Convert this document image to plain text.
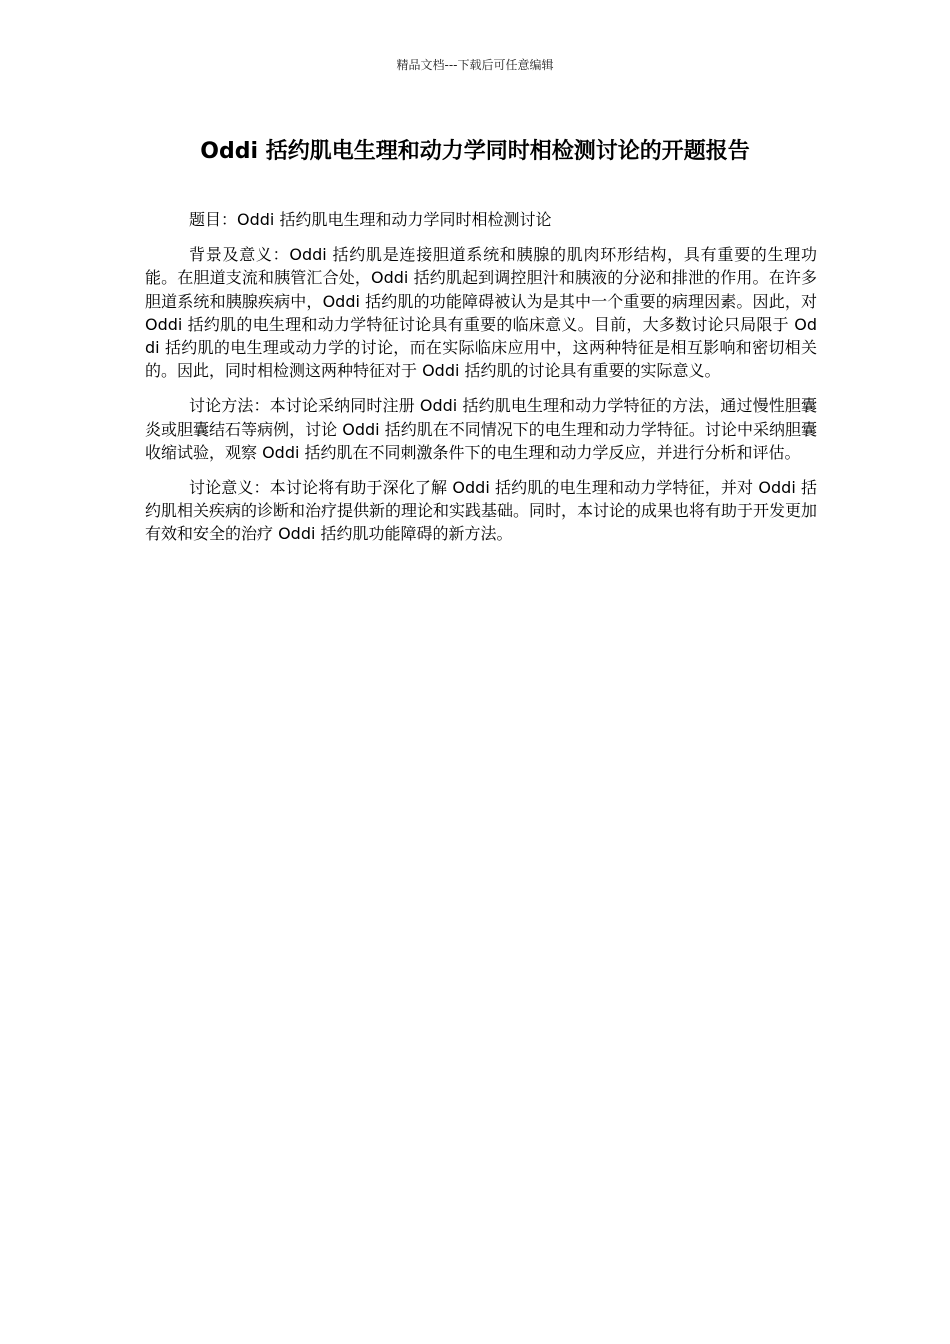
精品文档---下载后可任意编辑
Oddi 括约肌电生理和动力学同时相检测讨论的开题报告

题目：Oddi 括约肌电生理和动力学同时相检测讨论

背景及意义：Oddi 括约肌是连接胆道系统和胰腺的肌肉环形结构，具有重要的生理功能。在胆道支流和胰管汇合处，Oddi 括约肌起到调控胆汁和胰液的分泌和排泄的作用。在许多胆道系统和胰腺疾病中，Oddi 括约肌的功能障碍被认为是其中一个重要的病理因素。因此，对 Oddi 括约肌的电生理和动力学特征讨论具有重要的临床意义。目前，大多数讨论只局限于 Oddi 括约肌的电生理或动力学的讨论，而在实际临床应用中，这两种特征是相互影响和密切相关的。因此，同时相检测这两种特征对于 Oddi 括约肌的讨论具有重要的实际意义。

讨论方法：本讨论采纳同时注册 Oddi 括约肌电生理和动力学特征的方法，通过慢性胆囊炎或胆囊结石等病例，讨论 Oddi 括约肌在不同情况下的电生理和动力学特征。讨论中采纳胆囊收缩试验，观察 Oddi 括约肌在不同刺激条件下的电生理和动力学反应，并进行分析和评估。

讨论意义：本讨论将有助于深化了解 Oddi 括约肌的电生理和动力学特征，并对 Oddi 括约肌相关疾病的诊断和治疗提供新的理论和实践基础。同时，本讨论的成果也将有助于开发更加有效和安全的治疗 Oddi 括约肌功能障碍的新方法。
